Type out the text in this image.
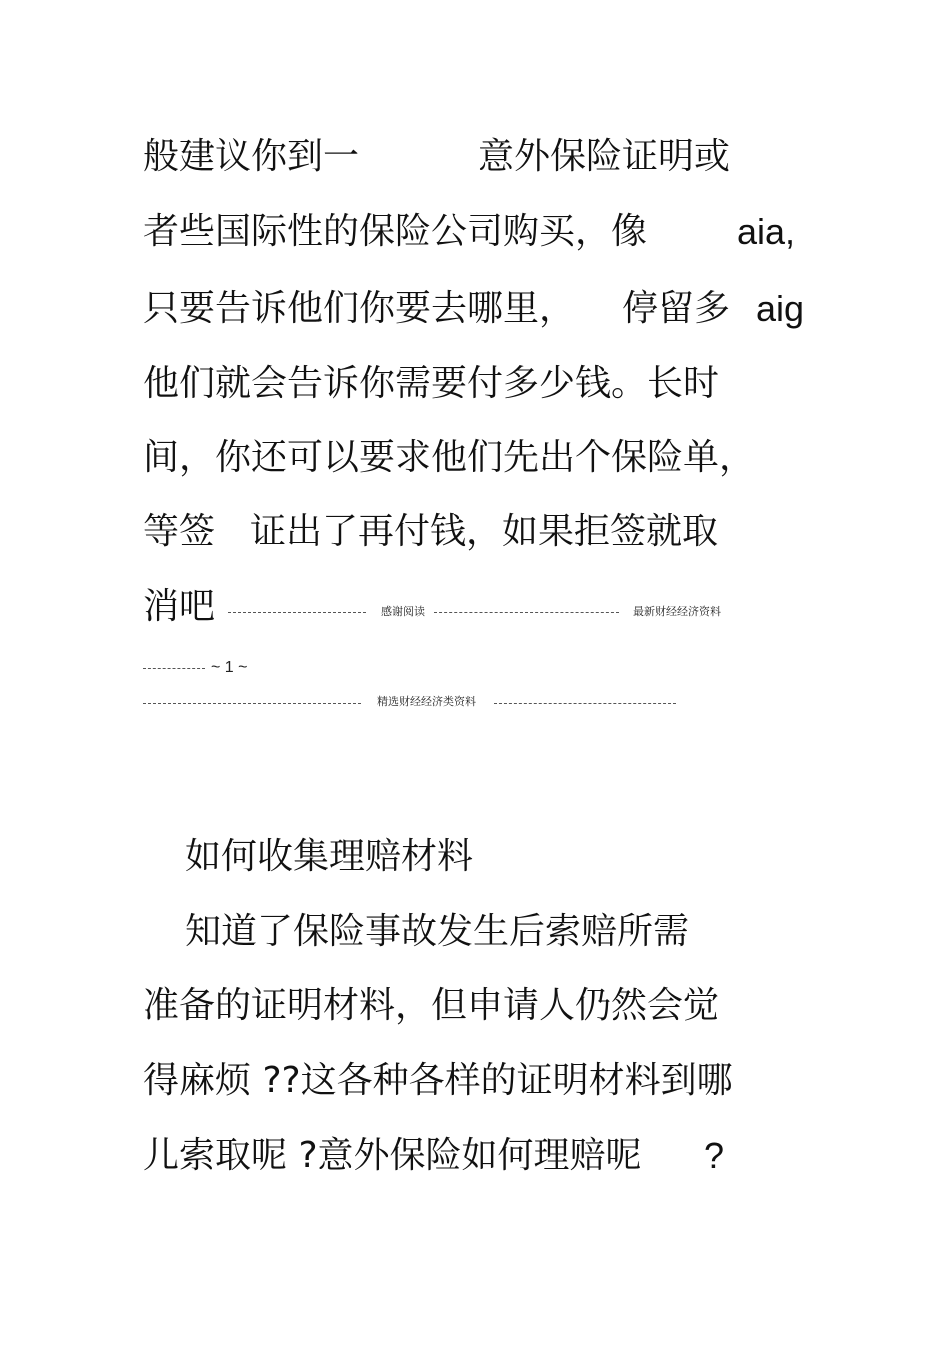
般建议你到一	意外保险证明或
者些国际性的保险公司购买，像 aia,
只要告诉他们你要去哪里， 停留多 aig
他们就会告诉你需要付多少钱。长时
间，你还可以要求他们先出个保险单，
等签 证出了再付钱，如果拒签就取
消吧	感谢阅读	最新财经经济资料
~ 1 ~
精选财经经济类资料
如何收集理赔材料
知道了保险事故发生后索赔所需
准备的证明材料，但申请人仍然会觉
得麻烦 ??这各种各样的证明材料到哪
儿索取呢 ?意外保险如何理赔呢 ?
